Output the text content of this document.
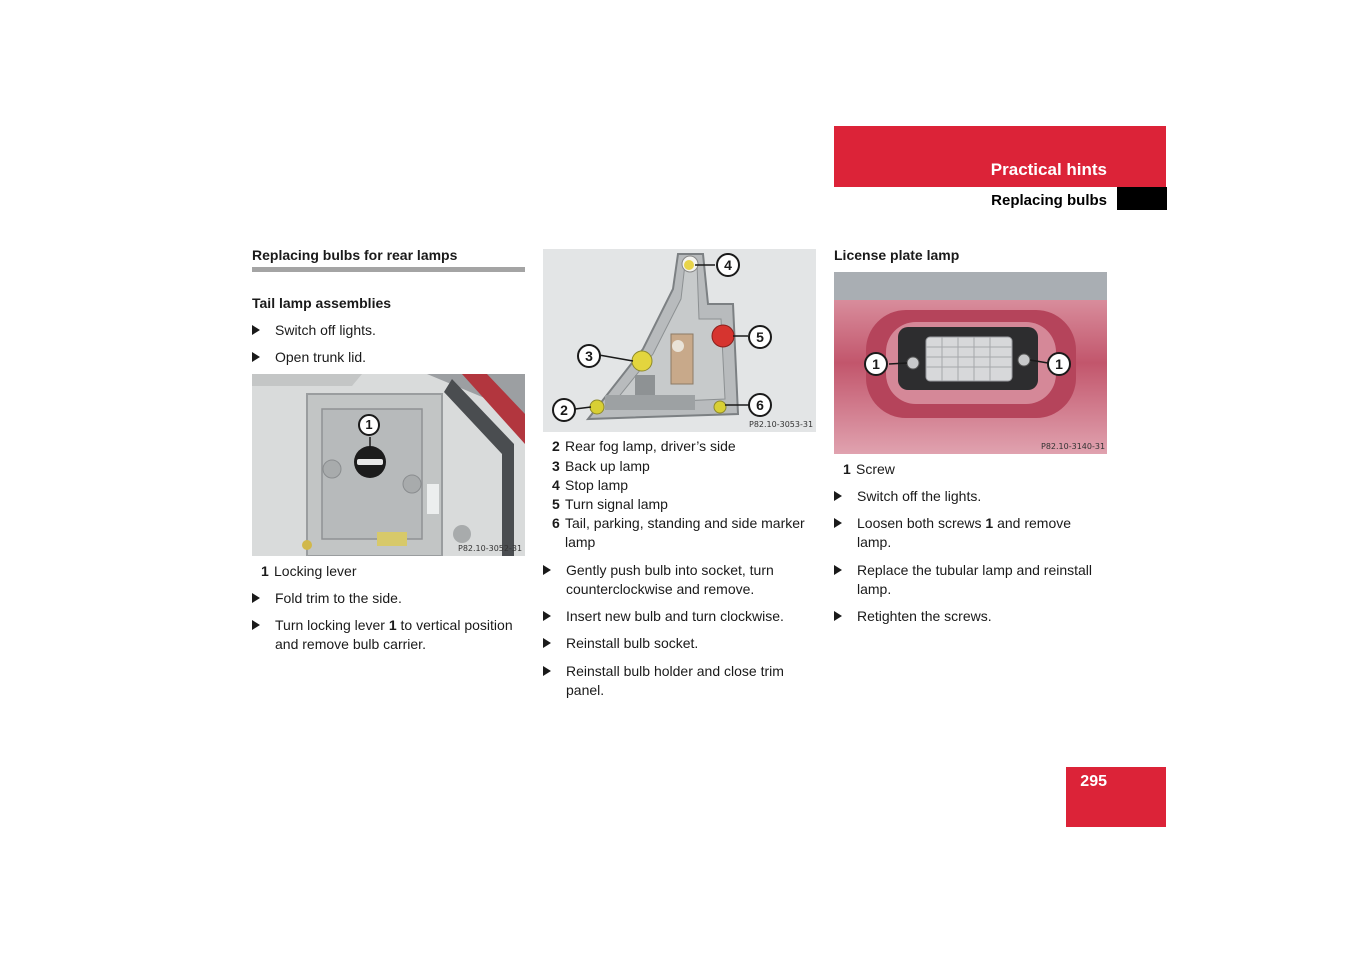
Practical hints
Replacing bulbs
Replacing bulbs for rear lamps
Tail lamp assemblies
Switch off lights.
Open trunk lid.
1
P82.10-3052-31
1 Locking lever
Fold trim to the side.
Turn locking lever 1 to vertical position and remove bulb carrier.
4
5
3
2	6
P82.10-3053-31
2 Rear fog lamp, driver’s side
3 Back up lamp
4 Stop lamp
5 Turn signal lamp
6 Tail, parking, standing and side marker lamp
Gently push bulb into socket, turn counterclockwise and remove.
Insert new bulb and turn clockwise.
Reinstall bulb socket.
Reinstall bulb holder and close trim panel.
License plate lamp
1	1
P82.10-3140-31
1 Screw
Switch off the lights.
Loosen both screws 1 and remove lamp.
Replace the tubular lamp and reinstall lamp.
Retighten the screws.
295
